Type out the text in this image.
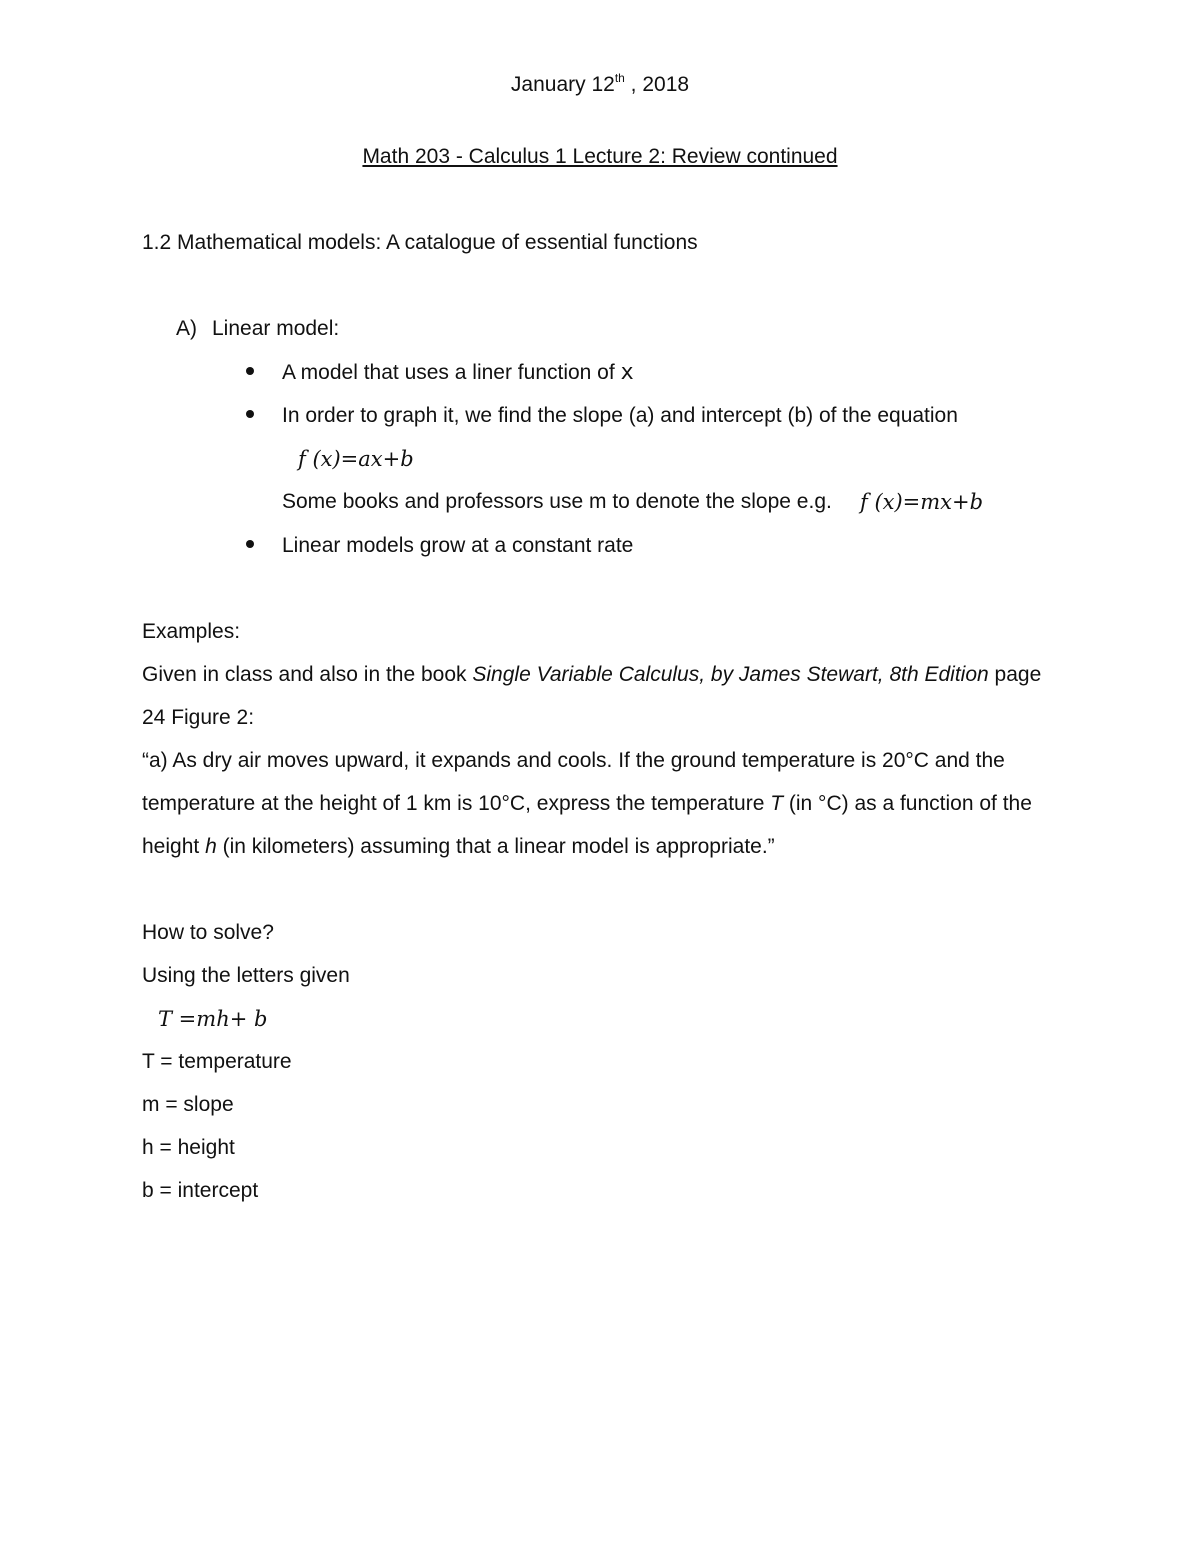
January 12th , 2018
Math 203 - Calculus 1 Lecture 2: Review continued
1.2 Mathematical models: A catalogue of essential functions
A) Linear model:
A model that uses a liner function of x
In order to graph it, we find the slope (a) and intercept (b) of the equation
f (x)=ax+b
Some books and professors use m to denote the slope e.g. f (x)=mx+b
Linear models grow at a constant rate
Examples:
Given in class and also in the book Single Variable Calculus, by James Stewart, 8th Edition page
24 Figure 2:
“a) As dry air moves upward, it expands and cools. If the ground temperature is 20°C and the
temperature at the height of 1 km is 10°C, express the temperature T (in °C) as a function of the
height h (in kilometers) assuming that a linear model is appropriate.”
How to solve?
Using the letters given
T =mh+ b
T = temperature
m = slope
h = height
b = intercept
